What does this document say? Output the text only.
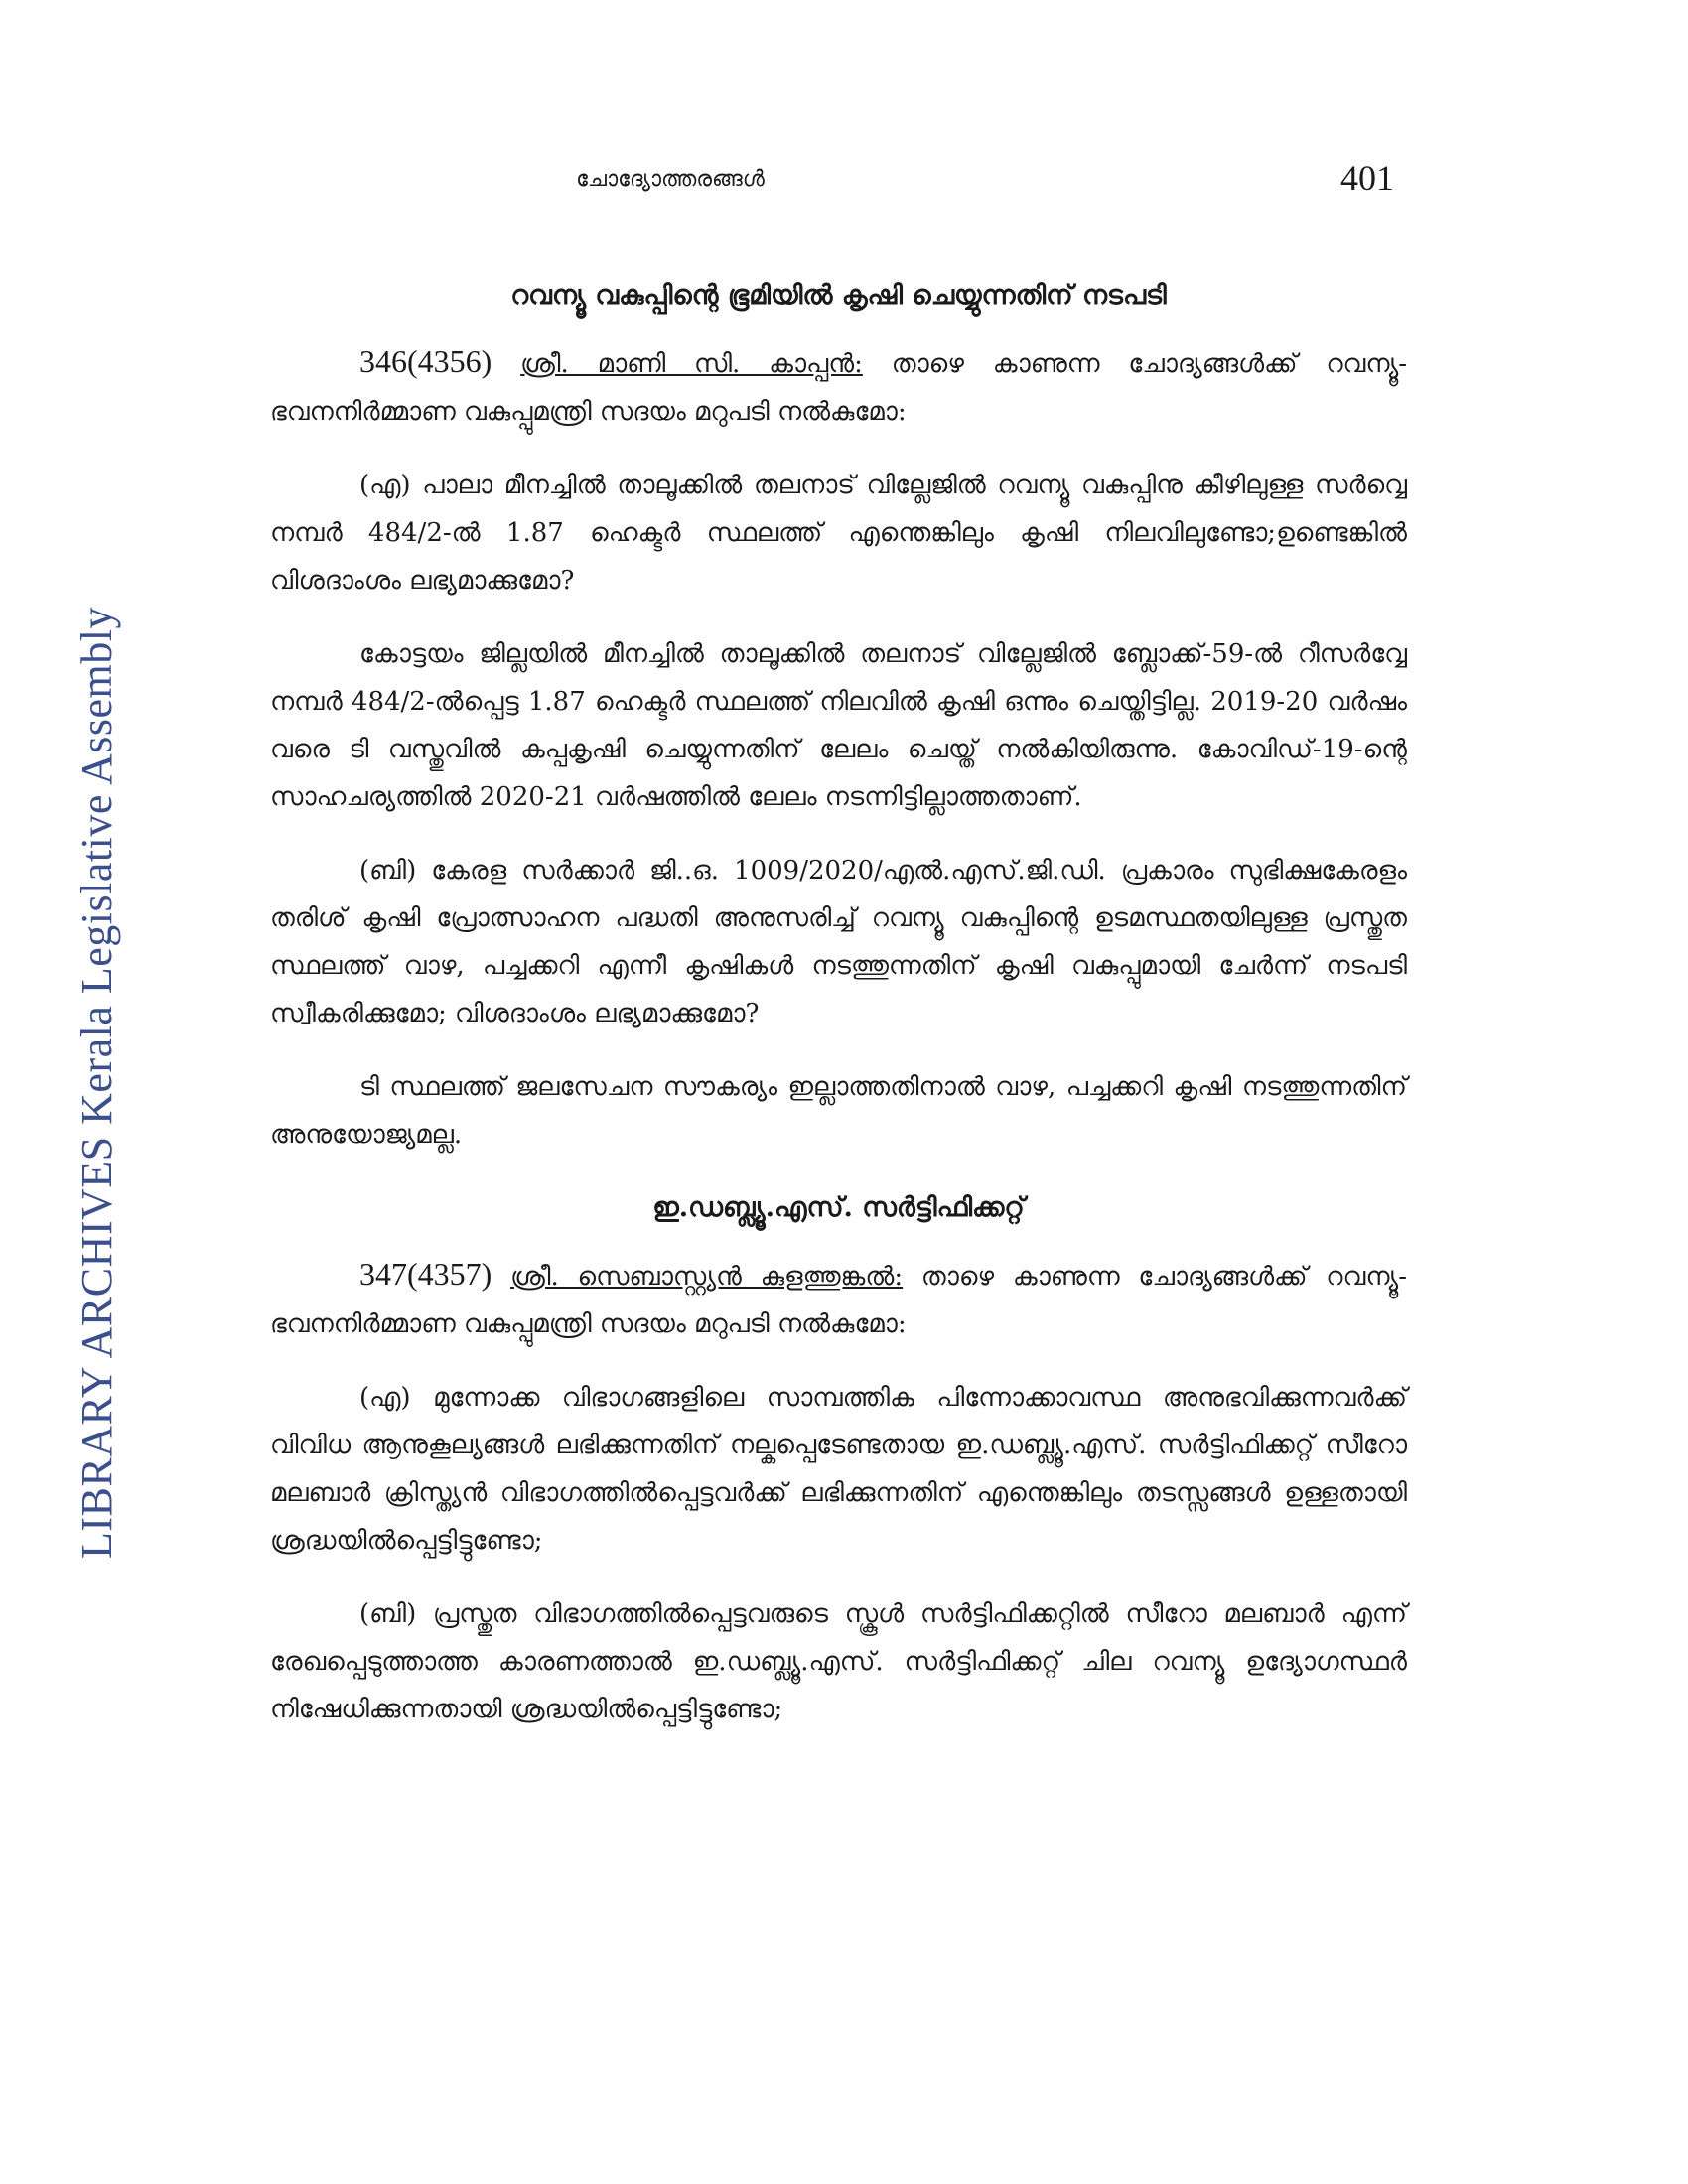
LIBRARY ARCHIVES Kerala Legislative Assembly
ചോദ്യോത്തരങ്ങൾ	401
റവന്യൂ വകുപ്പിന്റെ ഭൂമിയിൽ കൃഷി ചെയ്യുന്നതിന് നടപടി

346(4356) ശ്രീ. മാണി സി. കാപ്പൻ: താഴെ കാണുന്ന ചോദ്യങ്ങൾക്ക് റവന്യൂ-ഭവനനിർമ്മാണ വകുപ്പുമന്ത്രി സദയം മറുപടി നൽകുമോ:

(എ) പാലാ മീനച്ചിൽ താലൂക്കിൽ തലനാട് വില്ലേജിൽ റവന്യൂ വകുപ്പിനു കീഴിലുള്ള സർവ്വെ നമ്പർ 484/2-ൽ 1.87 ഹെക്ടർ സ്ഥലത്ത് എന്തെങ്കിലും കൃഷി നിലവിലുണ്ടോ;ഉണ്ടെങ്കിൽ വിശദാംശം ലഭ്യമാക്കുമോ?

കോട്ടയം ജില്ലയിൽ മീനച്ചിൽ താലൂക്കിൽ തലനാട് വില്ലേജിൽ ബ്ലോക്ക്-59-ൽ റീസർവ്വേ നമ്പർ 484/2-ൽപ്പെട്ട 1.87 ഹെക്ടർ സ്ഥലത്ത് നിലവിൽ കൃഷി ഒന്നും ചെയ്തിട്ടില്ല. 2019-20 വർഷം വരെ ടി വസ്തുവിൽ കപ്പകൃഷി ചെയ്യുന്നതിന് ലേലം ചെയ്ത് നൽകിയിരുന്നു. കോവിഡ്-19-ന്റെ സാഹചര്യത്തിൽ 2020-21 വർഷത്തിൽ ലേലം നടന്നിട്ടില്ലാത്തതാണ്.

(ബി) കേരള സർക്കാർ ജി..ഒ. 1009/2020/എൽ.എസ്.ജി.ഡി. പ്രകാരം സുഭിക്ഷകേരളം തരിശ് കൃഷി പ്രോത്സാഹന പദ്ധതി അനുസരിച്ച് റവന്യൂ വകുപ്പിന്റെ ഉടമസ്ഥതയിലുള്ള പ്രസ്തുത സ്ഥലത്ത് വാഴ, പച്ചക്കറി എന്നീ കൃഷികൾ നടത്തുന്നതിന് കൃഷി വകുപ്പുമായി ചേർന്ന് നടപടി സ്വീകരിക്കുമോ; വിശദാംശം ലഭ്യമാക്കുമോ?

ടി സ്ഥലത്ത് ജലസേചന സൗകര്യം ഇല്ലാത്തതിനാൽ വാഴ, പച്ചക്കറി കൃഷി നടത്തുന്നതിന് അനുയോജ്യമല്ല.

ഇ.ഡബ്ല്യൂ.എസ്. സർട്ടിഫിക്കറ്റ്

347(4357) ശ്രീ. സെബാസ്റ്റ്യൻ കുളത്തുങ്കൽ: താഴെ കാണുന്ന ചോദ്യങ്ങൾക്ക് റവന്യൂ-ഭവനനിർമ്മാണ വകുപ്പുമന്ത്രി സദയം മറുപടി നൽകുമോ:

(എ) മുന്നോക്ക വിഭാഗങ്ങളിലെ സാമ്പത്തിക പിന്നോക്കാവസ്ഥ അനുഭവിക്കുന്നവർക്ക് വിവിധ ആനുകൂല്യങ്ങൾ ലഭിക്കുന്നതിന് നല്കപ്പെടേണ്ടതായ ഇ.ഡബ്ല്യൂ.എസ്. സർട്ടിഫിക്കറ്റ് സീറോ മലബാർ ക്രിസ്ത്യൻ വിഭാഗത്തിൽപ്പെട്ടവർക്ക് ലഭിക്കുന്നതിന് എന്തെങ്കിലും തടസ്സങ്ങൾ ഉള്ളതായി ശ്രദ്ധയിൽപ്പെട്ടിട്ടുണ്ടോ;

(ബി) പ്രസ്തുത വിഭാഗത്തിൽപ്പെട്ടവരുടെ സ്കൂൾ സർട്ടിഫിക്കറ്റിൽ സീറോ മലബാർ എന്ന് രേഖപ്പെടുത്താത്ത കാരണത്താൽ ഇ.ഡബ്ല്യൂ.എസ്. സർട്ടിഫിക്കറ്റ് ചില റവന്യൂ ഉദ്യോഗസ്ഥർ നിഷേധിക്കുന്നതായി ശ്രദ്ധയിൽപ്പെട്ടിട്ടുണ്ടോ;
